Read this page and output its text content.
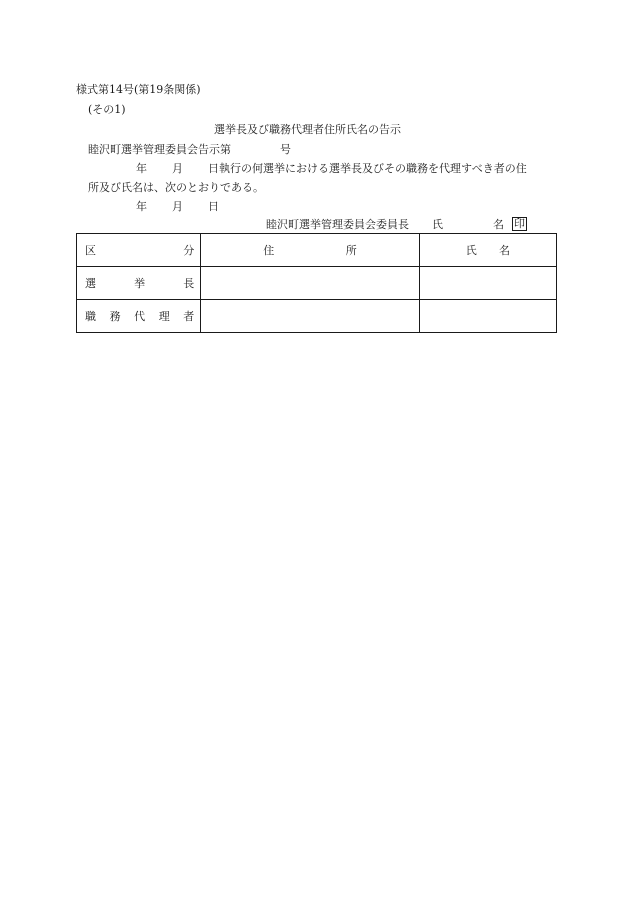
様式第14号(第19条関係)
(その1)
選挙長及び職務代理者住所氏名の告示
睦沢町選挙管理委員会告示第	号
年 月 日執行の何選挙における選挙長及びその職務を代理すべき者の住
所及び氏名は、次のとおりである。
年 月 日
睦沢町選挙管理委員会委員長 氏	名 印
区 分	住 所	氏 名

選 挙 長		

職 務 代 理 者		
